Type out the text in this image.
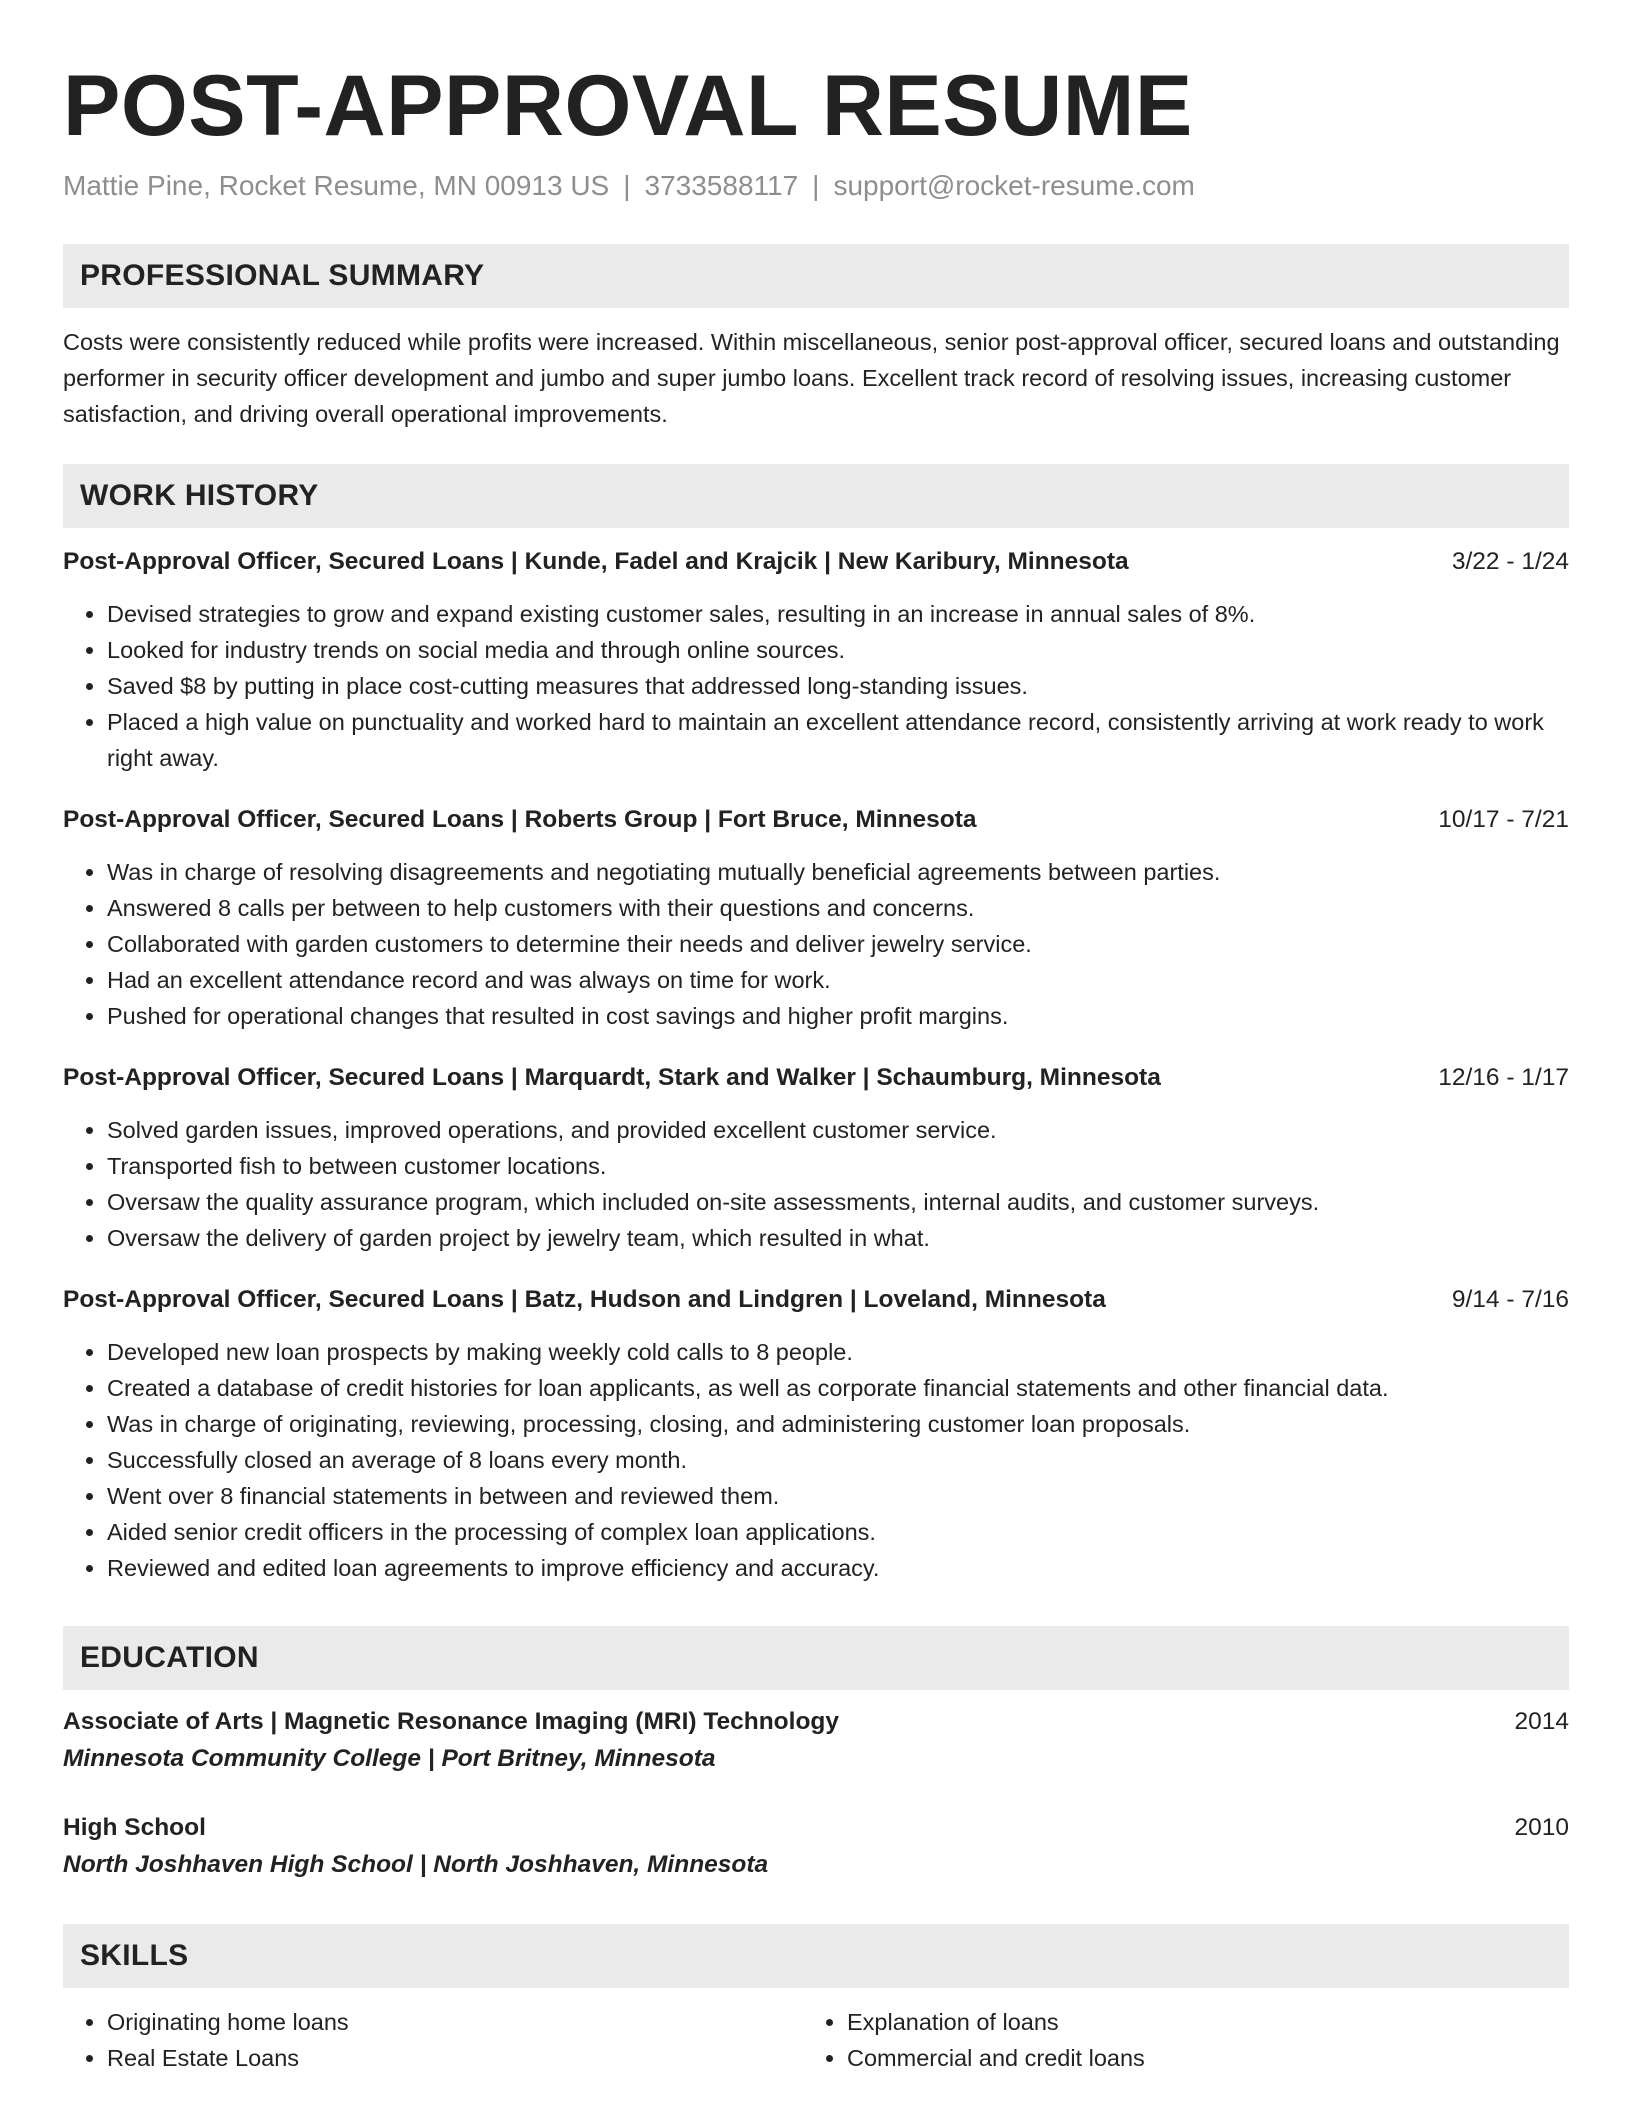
POST-APPROVAL RESUME
Mattie Pine, Rocket Resume, MN 00913 US | 3733588117 | support@rocket-resume.com
PROFESSIONAL SUMMARY
Costs were consistently reduced while profits were increased. Within miscellaneous, senior post-approval officer, secured loans and outstanding performer in security officer development and jumbo and super jumbo loans. Excellent track record of resolving issues, increasing customer satisfaction, and driving overall operational improvements.
WORK HISTORY
Post-Approval Officer, Secured Loans | Kunde, Fadel and Krajcik | New Karibury, Minnesota	3/22 - 1/24
• Devised strategies to grow and expand existing customer sales, resulting in an increase in annual sales of 8%.
• Looked for industry trends on social media and through online sources.
• Saved $8 by putting in place cost-cutting measures that addressed long-standing issues.
• Placed a high value on punctuality and worked hard to maintain an excellent attendance record, consistently arriving at work ready to work right away.
Post-Approval Officer, Secured Loans | Roberts Group | Fort Bruce, Minnesota	10/17 - 7/21
• Was in charge of resolving disagreements and negotiating mutually beneficial agreements between parties.
• Answered 8 calls per between to help customers with their questions and concerns.
• Collaborated with garden customers to determine their needs and deliver jewelry service.
• Had an excellent attendance record and was always on time for work.
• Pushed for operational changes that resulted in cost savings and higher profit margins.
Post-Approval Officer, Secured Loans | Marquardt, Stark and Walker | Schaumburg, Minnesota	12/16 - 1/17
• Solved garden issues, improved operations, and provided excellent customer service.
• Transported fish to between customer locations.
• Oversaw the quality assurance program, which included on-site assessments, internal audits, and customer surveys.
• Oversaw the delivery of garden project by jewelry team, which resulted in what.
Post-Approval Officer, Secured Loans | Batz, Hudson and Lindgren | Loveland, Minnesota	9/14 - 7/16
• Developed new loan prospects by making weekly cold calls to 8 people.
• Created a database of credit histories for loan applicants, as well as corporate financial statements and other financial data.
• Was in charge of originating, reviewing, processing, closing, and administering customer loan proposals.
• Successfully closed an average of 8 loans every month.
• Went over 8 financial statements in between and reviewed them.
• Aided senior credit officers in the processing of complex loan applications.
• Reviewed and edited loan agreements to improve efficiency and accuracy.
EDUCATION
Associate of Arts | Magnetic Resonance Imaging (MRI) Technology	2014
Minnesota Community College | Port Britney, Minnesota
High School	2010
North Joshhaven High School | North Joshhaven, Minnesota
SKILLS
• Originating home loans
• Real Estate Loans
• Explanation of loans
• Commercial and credit loans
